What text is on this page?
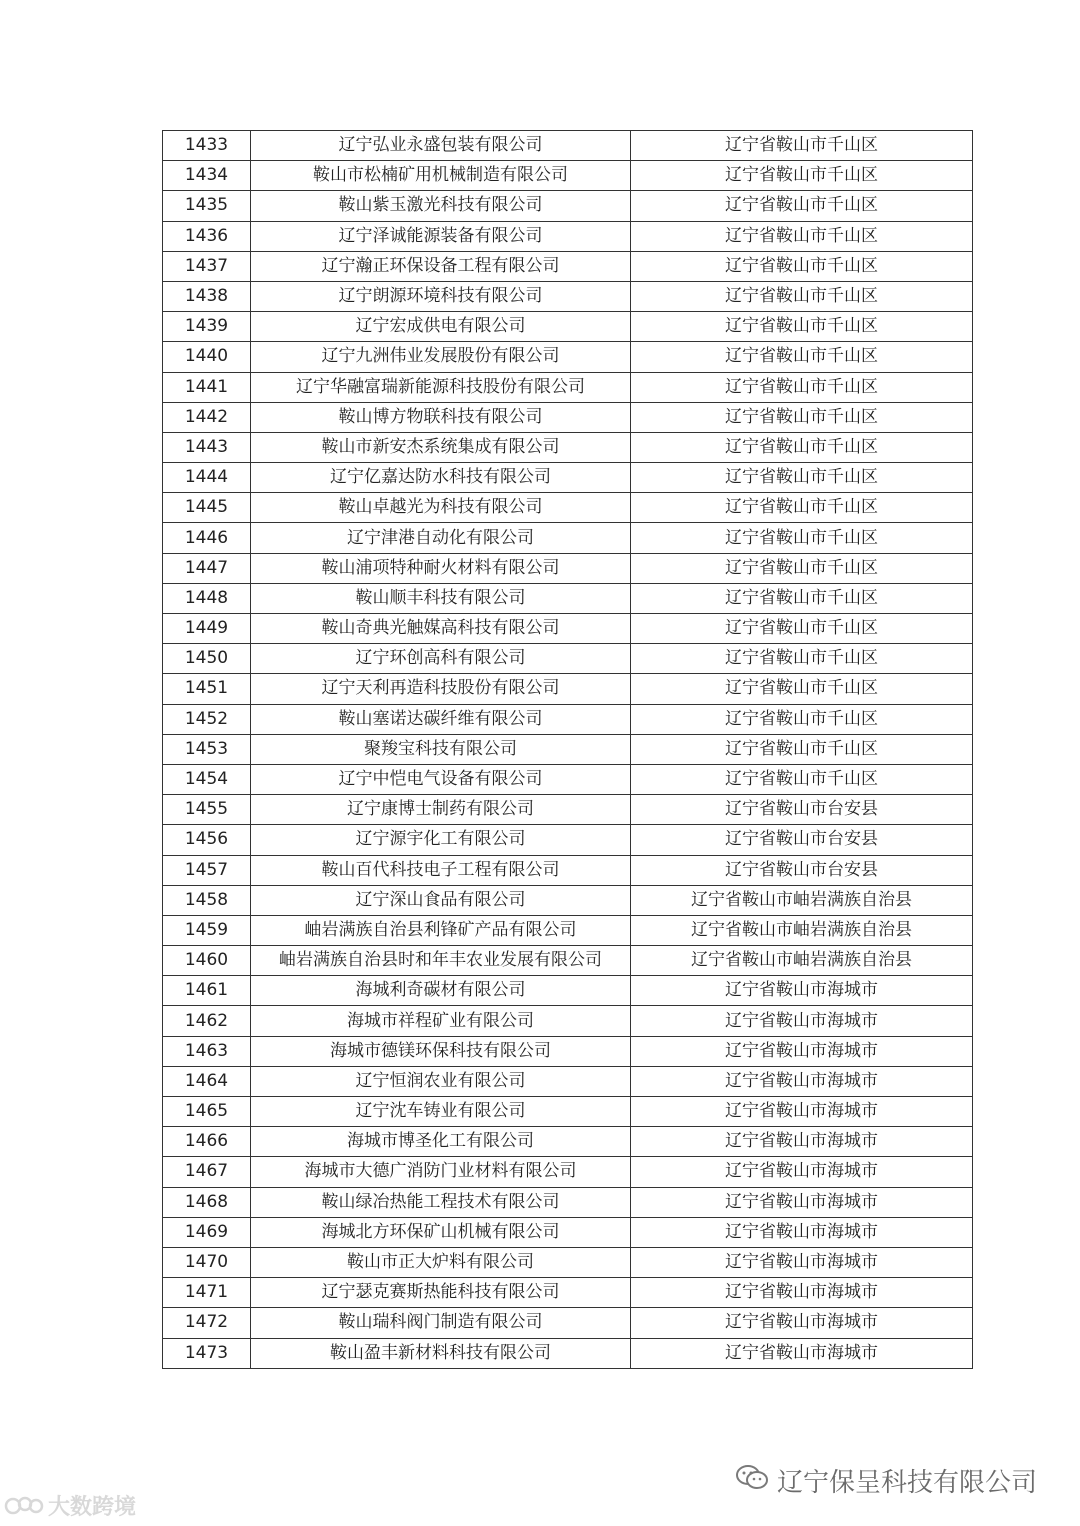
1433	辽宁弘业永盛包装有限公司	辽宁省鞍山市千山区
1434	鞍山市松楠矿用机械制造有限公司	辽宁省鞍山市千山区
1435	鞍山紫玉激光科技有限公司	辽宁省鞍山市千山区
1436	辽宁泽诚能源装备有限公司	辽宁省鞍山市千山区
1437	辽宁瀚正环保设备工程有限公司	辽宁省鞍山市千山区
1438	辽宁朗源环境科技有限公司	辽宁省鞍山市千山区
1439	辽宁宏成供电有限公司	辽宁省鞍山市千山区
1440	辽宁九洲伟业发展股份有限公司	辽宁省鞍山市千山区
1441	辽宁华融富瑞新能源科技股份有限公司	辽宁省鞍山市千山区
1442	鞍山博方物联科技有限公司	辽宁省鞍山市千山区
1443	鞍山市新安杰系统集成有限公司	辽宁省鞍山市千山区
1444	辽宁亿嘉达防水科技有限公司	辽宁省鞍山市千山区
1445	鞍山卓越光为科技有限公司	辽宁省鞍山市千山区
1446	辽宁津港自动化有限公司	辽宁省鞍山市千山区
1447	鞍山浦项特种耐火材料有限公司	辽宁省鞍山市千山区
1448	鞍山顺丰科技有限公司	辽宁省鞍山市千山区
1449	鞍山奇典光触媒高科技有限公司	辽宁省鞍山市千山区
1450	辽宁环创高科有限公司	辽宁省鞍山市千山区
1451	辽宁天利再造科技股份有限公司	辽宁省鞍山市千山区
1452	鞍山塞诺达碳纤维有限公司	辽宁省鞍山市千山区
1453	聚羧宝科技有限公司	辽宁省鞍山市千山区
1454	辽宁中恺电气设备有限公司	辽宁省鞍山市千山区
1455	辽宁康博士制药有限公司	辽宁省鞍山市台安县
1456	辽宁源宇化工有限公司	辽宁省鞍山市台安县
1457	鞍山百代科技电子工程有限公司	辽宁省鞍山市台安县
1458	辽宁深山食品有限公司	辽宁省鞍山市岫岩满族自治县
1459	岫岩满族自治县利锋矿产品有限公司	辽宁省鞍山市岫岩满族自治县
1460	岫岩满族自治县时和年丰农业发展有限公司	辽宁省鞍山市岫岩满族自治县
1461	海城利奇碳材有限公司	辽宁省鞍山市海城市
1462	海城市祥程矿业有限公司	辽宁省鞍山市海城市
1463	海城市德镁环保科技有限公司	辽宁省鞍山市海城市
1464	辽宁恒润农业有限公司	辽宁省鞍山市海城市
1465	辽宁沈车铸业有限公司	辽宁省鞍山市海城市
1466	海城市博圣化工有限公司	辽宁省鞍山市海城市
1467	海城市大德广消防门业材料有限公司	辽宁省鞍山市海城市
1468	鞍山绿冶热能工程技术有限公司	辽宁省鞍山市海城市
1469	海城北方环保矿山机械有限公司	辽宁省鞍山市海城市
1470	鞍山市正大炉料有限公司	辽宁省鞍山市海城市
1471	辽宁瑟克赛斯热能科技有限公司	辽宁省鞍山市海城市
1472	鞍山瑞科阀门制造有限公司	辽宁省鞍山市海城市
1473	鞍山盈丰新材料科技有限公司	辽宁省鞍山市海城市
大数跨境
辽宁保呈科技有限公司
